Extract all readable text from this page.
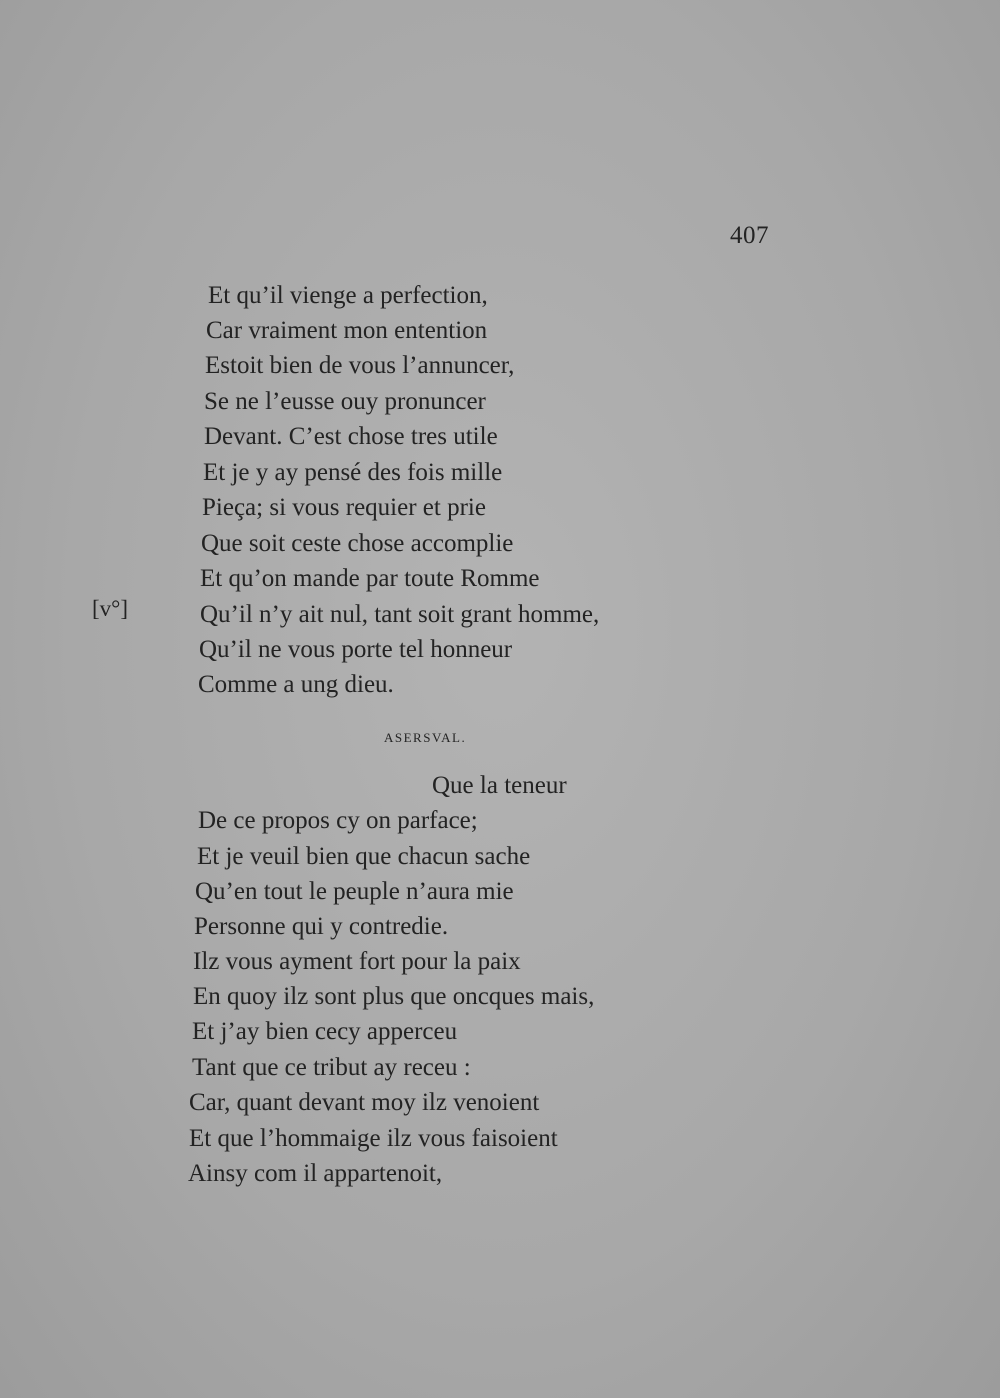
407
[v°]
Et qu’il vienge a perfection,
Car vraiment mon entention
Estoit bien de vous l’annuncer,
Se ne l’eusse ouy pronuncer
Devant. C’est chose tres utile
Et je y ay pensé des fois mille
Pieça; si vous requier et prie
Que soit ceste chose accomplie
Et qu’on mande par toute Romme
Qu’il n’y ait nul, tant soit grant homme,
Qu’il ne vous porte tel honneur
Comme a ung dieu.
ASERSVAL.
Que la teneur
De ce propos cy on parface;
Et je veuil bien que chacun sache
Qu’en tout le peuple n’aura mie
Personne qui y contredie.
Ilz vous ayment fort pour la paix
En quoy ilz sont plus que oncques mais,
Et j’ay bien cecy apperceu
Tant que ce tribut ay receu :
Car, quant devant moy ilz venoient
Et que l’hommaige ilz vous faisoient
Ainsy com il appartenoit,
